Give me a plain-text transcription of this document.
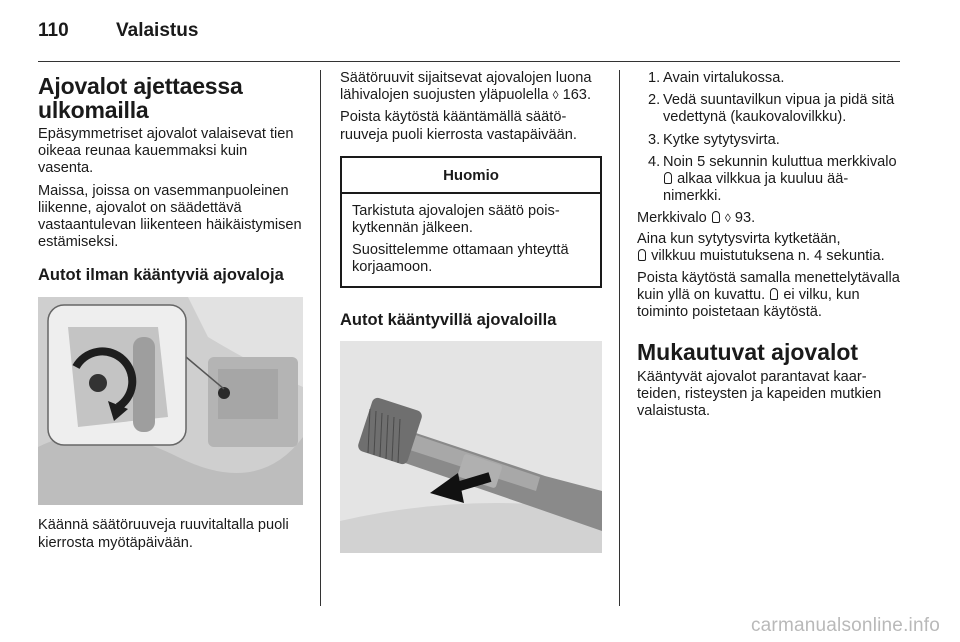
110	Valaistus
Ajovalot ajettaessa ulkomailla

Epäsymmetriset ajovalot valaisevat tien oikeaa reunaa kauemmaksi kuin vasenta.

Maissa, joissa on vasemmanpuoleinen liikenne, ajovalot on säädettävä vastaantulevan liikenteen häikäistymisen estämiseksi.

Autot ilman kääntyviä ajovaloja

Käännä säätöruuveja ruuvitaltalla puoli kierrosta myötäpäivään.

Säätöruuvit sijaitsevat ajovalojen luona lähivalojen suojusten yläpuolella ◊ 163.

Poista käytöstä kääntämällä säätöruuveja puoli kierrosta vastapäivään.

Huomio

Tarkistuta ajovalojen säätö poiskytkennän jälkeen.

Suosittelemme ottamaan yhteyttä korjaamoon.

Autot kääntyvillä ajovaloilla
1. Avain virtalukossa.
2. Vedä suuntavilkun vipua ja pidä sitä vedettynä (kaukovalovilkku).
3. Kytke sytytysvirta.
4. Noin 5 sekunnin kuluttua merkkivalo  alkaa vilkkua ja kuuluu äänimerkki.

Merkkivalo ◊ 93.

Aina kun sytytysvirta kytketään,
vilkkuu muistutuksena n. 4 sekuntia.

Poista käytöstä samalla menettelytävalla kuin yllä on kuvattu. ei vilku, kun toiminto poistetaan käytöstä.

Mukautuvat ajovalot

Kääntyvät ajovalot parantavat kaarteiden, risteysten ja kapeiden mutkien valaistusta.

carmanualsonline.info
